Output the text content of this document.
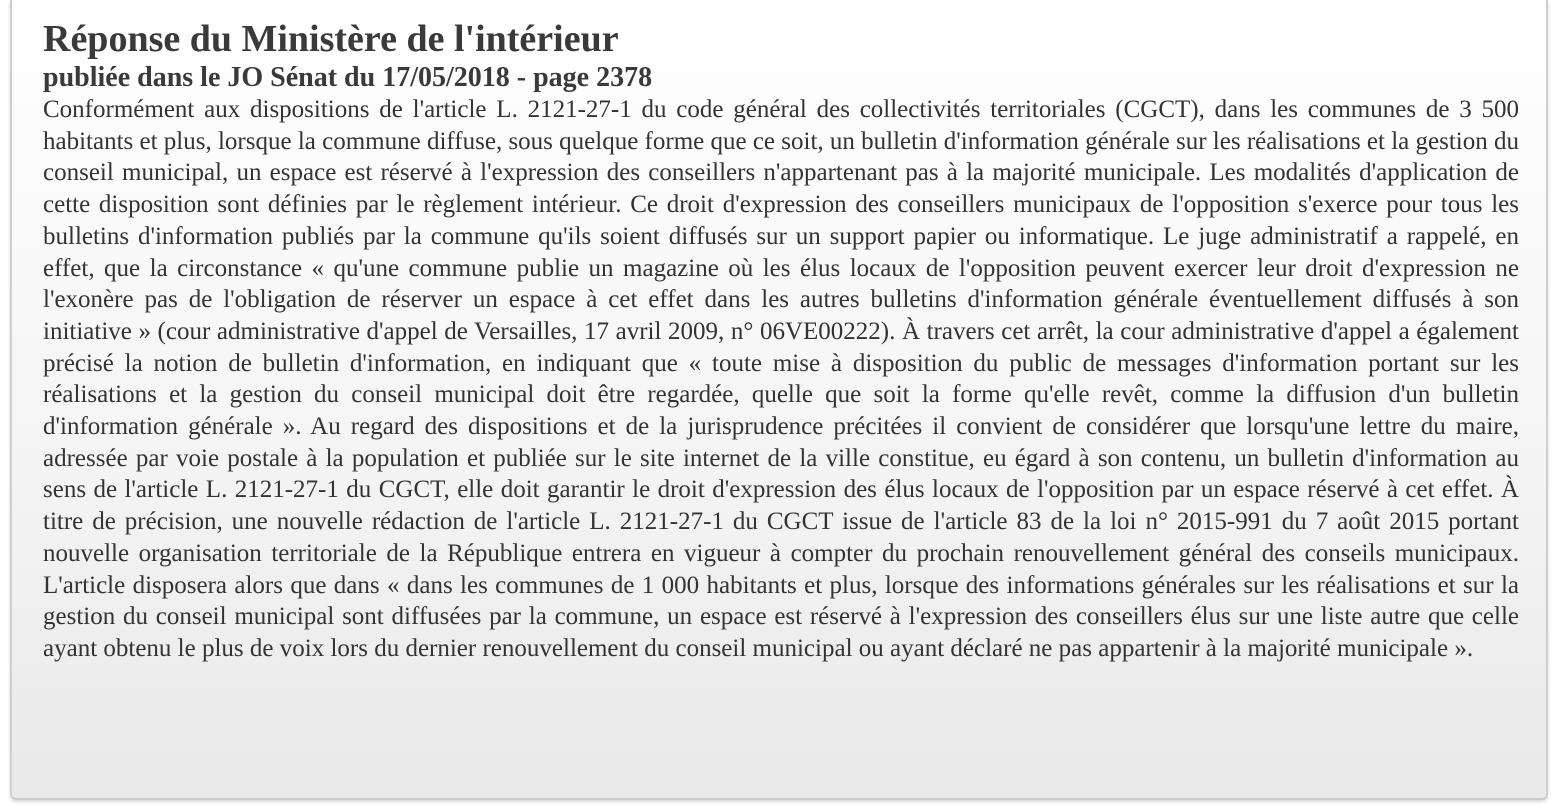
Réponse du Ministère de l'intérieur
publiée dans le JO Sénat du 17/05/2018 - page 2378

Conformément aux dispositions de l'article L. 2121-27-1 du code général des collectivités territoriales (CGCT), dans les communes de 3 500 habitants et plus, lorsque la commune diffuse, sous quelque forme que ce soit, un bulletin d'information générale sur les réalisations et la gestion du conseil municipal, un espace est réservé à l'expression des conseillers n'appartenant pas à la majorité municipale. Les modalités d'application de cette disposition sont définies par le règlement intérieur. Ce droit d'expression des conseillers municipaux de l'opposition s'exerce pour tous les bulletins d'information publiés par la commune qu'ils soient diffusés sur un support papier ou informatique. Le juge administratif a rappelé, en effet, que la circonstance « qu'une commune publie un magazine où les élus locaux de l'opposition peuvent exercer leur droit d'expression ne l'exonère pas de l'obligation de réserver un espace à cet effet dans les autres bulletins d'information générale éventuellement diffusés à son initiative » (cour administrative d'appel de Versailles, 17 avril 2009, n° 06VE00222). À travers cet arrêt, la cour administrative d'appel a également précisé la notion de bulletin d'information, en indiquant que « toute mise à disposition du public de messages d'information portant sur les réalisations et la gestion du conseil municipal doit être regardée, quelle que soit la forme qu'elle revêt, comme la diffusion d'un bulletin d'information générale ». Au regard des dispositions et de la jurisprudence précitées il convient de considérer que lorsqu'une lettre du maire, adressée par voie postale à la population et publiée sur le site internet de la ville constitue, eu égard à son contenu, un bulletin d'information au sens de l'article L. 2121-27-1 du CGCT, elle doit garantir le droit d'expression des élus locaux de l'opposition par un espace réservé à cet effet. À titre de précision, une nouvelle rédaction de l'article L. 2121-27-1 du CGCT issue de l'article 83 de la loi n° 2015-991 du 7 août 2015 portant nouvelle organisation territoriale de la République entrera en vigueur à compter du prochain renouvellement général des conseils municipaux. L'article disposera alors que dans « dans les communes de 1 000 habitants et plus, lorsque des informations générales sur les réalisations et sur la gestion du conseil municipal sont diffusées par la commune, un espace est réservé à l'expression des conseillers élus sur une liste autre que celle ayant obtenu le plus de voix lors du dernier renouvellement du conseil municipal ou ayant déclaré ne pas appartenir à la majorité municipale ».
